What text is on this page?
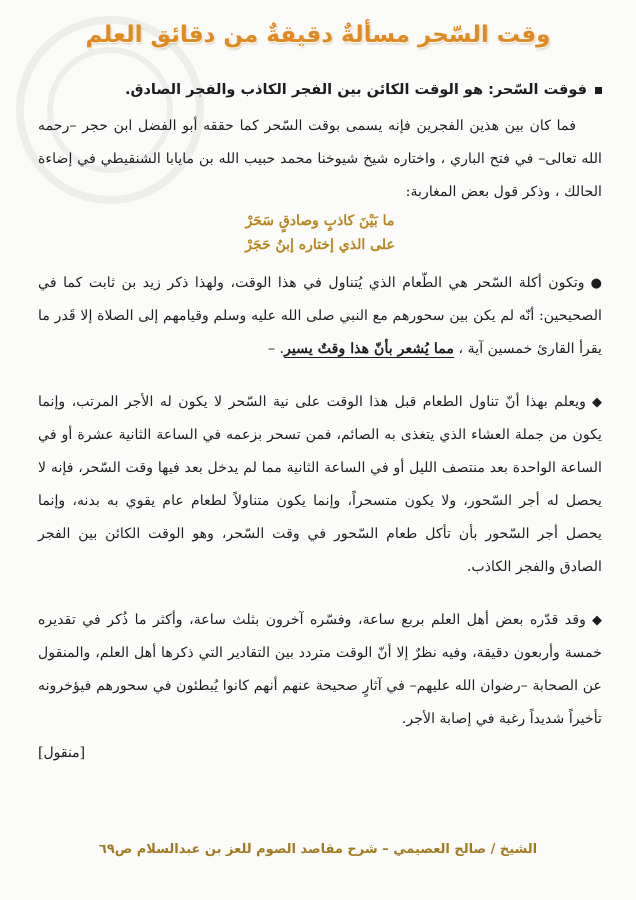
وقت السّحر مسألةٌ دقيقةٌ من دقائق العلم
فوقت السّحر: هو الوقت الكائن بين الفجر الكاذب والفجر الصادق.

فما كان بين هذين الفجرين فإنه يسمى بوقت السّحر كما حققه أبو الفضل ابن حجر –رحمه الله تعالى– في فتح الباري ، واختاره شيخ شيوخنا محمد حبيب الله بن مايابا الشنقيطي في إضاءة الحالك ، وذكر قول بعض المغاربة:

ما بَيْنَ كاذبٍ وصادقٍ سَحَرْ
على الذي إختاره إبنُ حَجَرْ

●وتكون أكلة السّحر هي الطّعام الذي يُتناول في هذا الوقت، ولهذا ذكر زيد بن ثابت كما في الصحيحين: أنّه لم يكن بين سحورهم مع النبي صلى الله عليه وسلم وقيامهم إلى الصلاة إلا قَدر ما يقرأ القارئ خمسين آية ، مما يُشعر بأنّ هذا وقتٌ يسير. –

◆ويعلم بهذا أنّ تناول الطعام قبل هذا الوقت على نية السّحر لا يكون له الأجر المرتب، وإنما يكون من جملة العشاء الذي يتغذى به الصائم، فمن تسحر بزعمه في الساعة الثانية عشرة أو في الساعة الواحدة بعد منتصف الليل أو في الساعة الثانية مما لم يدخل بعد فيها وقت السّحر، فإنه لا يحصل له أجر السّحور، ولا يكون متسحراً، وإنما يكون متناولاً لطعام عام يقوي به بدنه، وإنما يحصل أجر السّحور بأن تأكل طعام السّحور في وقت السّحر، وهو الوقت الكائن بين الفجر الصادق والفجر الكاذب.

◆وقد قدّره بعض أهل العلم بربع ساعة، وفسّره آخرون بثلث ساعة، وأكثر ما ذُكر في تقديره خمسة وأربعون دقيقة، وفيه نظرٌ إلا أنّ الوقت متردد بين التقادير التي ذكرها أهل العلم، والمنقول عن الصحابة –رضوان الله عليهم– في آثارٍ صحيحة عنهم أنهم كانوا يُبطئون في سحورهم فيؤخرونه تأخيراً شديداً رغبة في إصابة الأجر.

[منقول]
الشيخ / صالح العصيمي – شرح مقاصد الصوم للعز بن عبدالسلام ص٦٩
